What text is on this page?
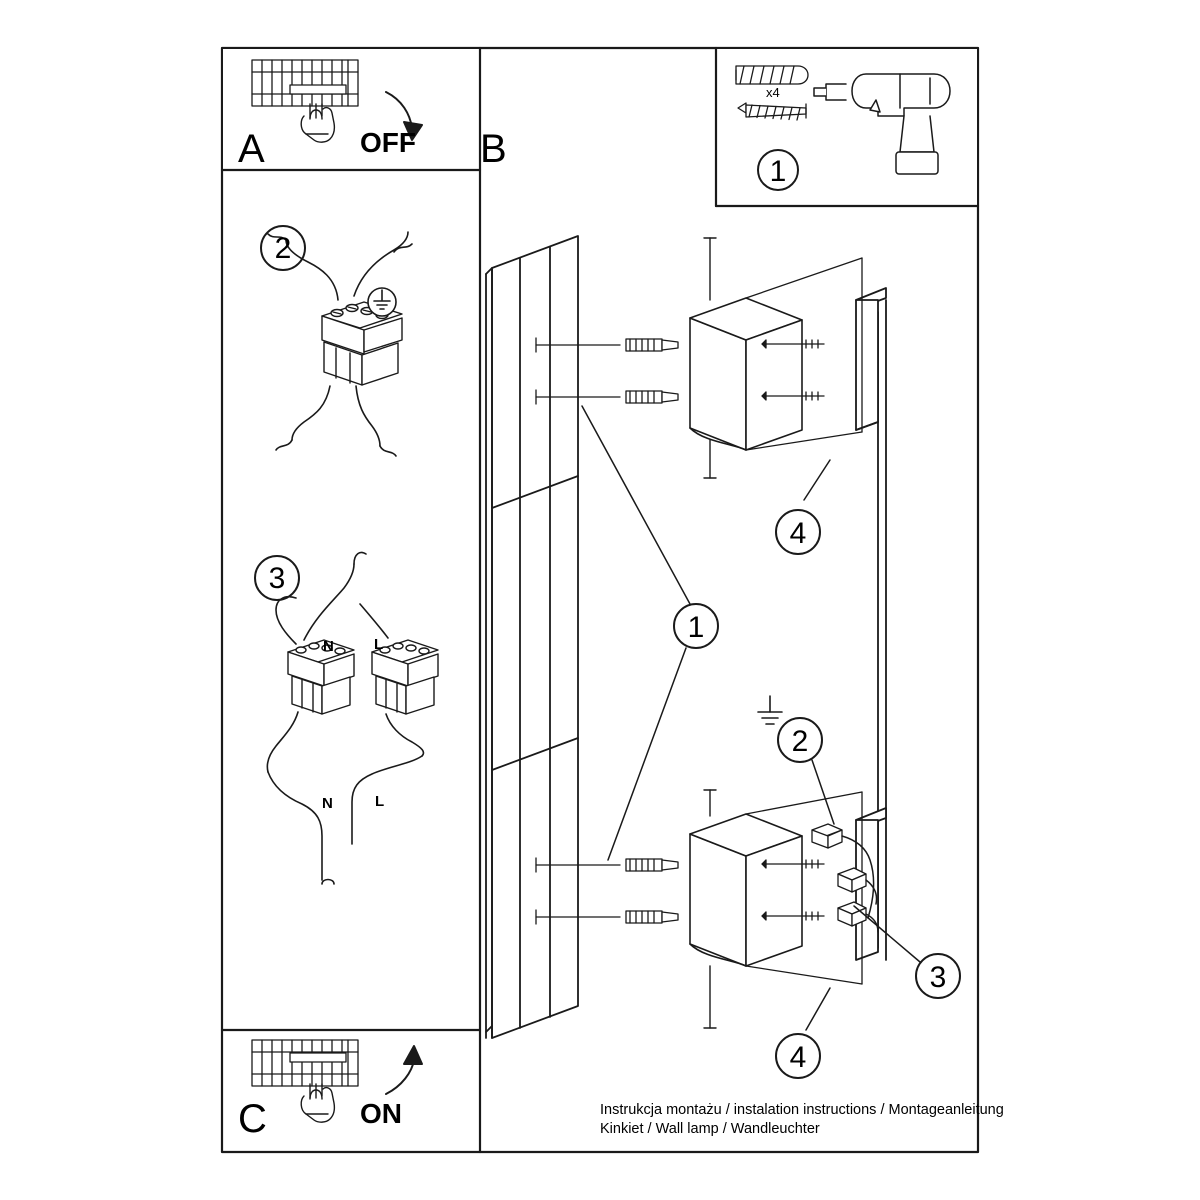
A	OFF B
C	ON
x4
1
2
3
N	L
N	L
4
1
2
3
4
Instrukcja montażu / instalation instructions / Montageanleitung
Kinkiet / Wall lamp / Wandleuchter
